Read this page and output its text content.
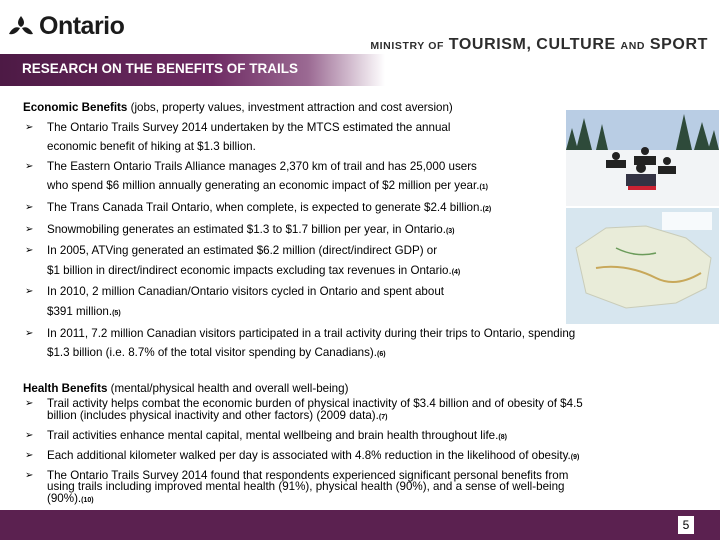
Ontario
MINISTRY OF TOURISM, CULTURE AND SPORT
RESEARCH ON THE BENEFITS OF TRAILS
Economic Benefits (jobs, property values, investment attraction and cost aversion)
➢ The Ontario Trails Survey 2014 undertaken by the MTCS estimated the annual
economic benefit of hiking at $1.3 billion.
➢ The Eastern Ontario Trails Alliance manages 2,370 km of trail and has 25,000 users
who spend $6 million annually generating an economic impact of $2 million per year.(1)
➢ The Trans Canada Trail Ontario, when complete, is expected to generate $2.4 billion.(2)
➢ Snowmobiling generates an estimated $1.3 to $1.7 billion per year, in Ontario.(3)
➢ In 2005, ATVing generated an estimated $6.2 million (direct/indirect GDP) or
$1 billion in direct/indirect economic impacts excluding tax revenues in Ontario.(4)
➢ In 2010, 2 million Canadian/Ontario visitors cycled in Ontario and spent about
$391 million.(5)
➢ In 2011, 7.2 million Canadian visitors participated in a trail activity during their trips to Ontario, spending
$1.3 billion (i.e. 8.7% of the total visitor spending by Canadians).(6)
Health Benefits (mental/physical health and overall well-being)
➢ Trail activity helps combat the economic burden of physical inactivity of $3.4 billion and of obesity of $4.5
billion (includes physical inactivity and other factors) (2009 data).(7)
➢ Trail activities enhance mental capital, mental wellbeing and brain health throughout life.(8)
➢ Each additional kilometer walked per day is associated with 4.8% reduction in the likelihood of obesity.(9)
➢ The Ontario Trails Survey 2014 found that respondents experienced significant personal benefits from
using trails including improved mental health (91%), physical health (90%), and a sense of well-being
(90%).(10)
5
